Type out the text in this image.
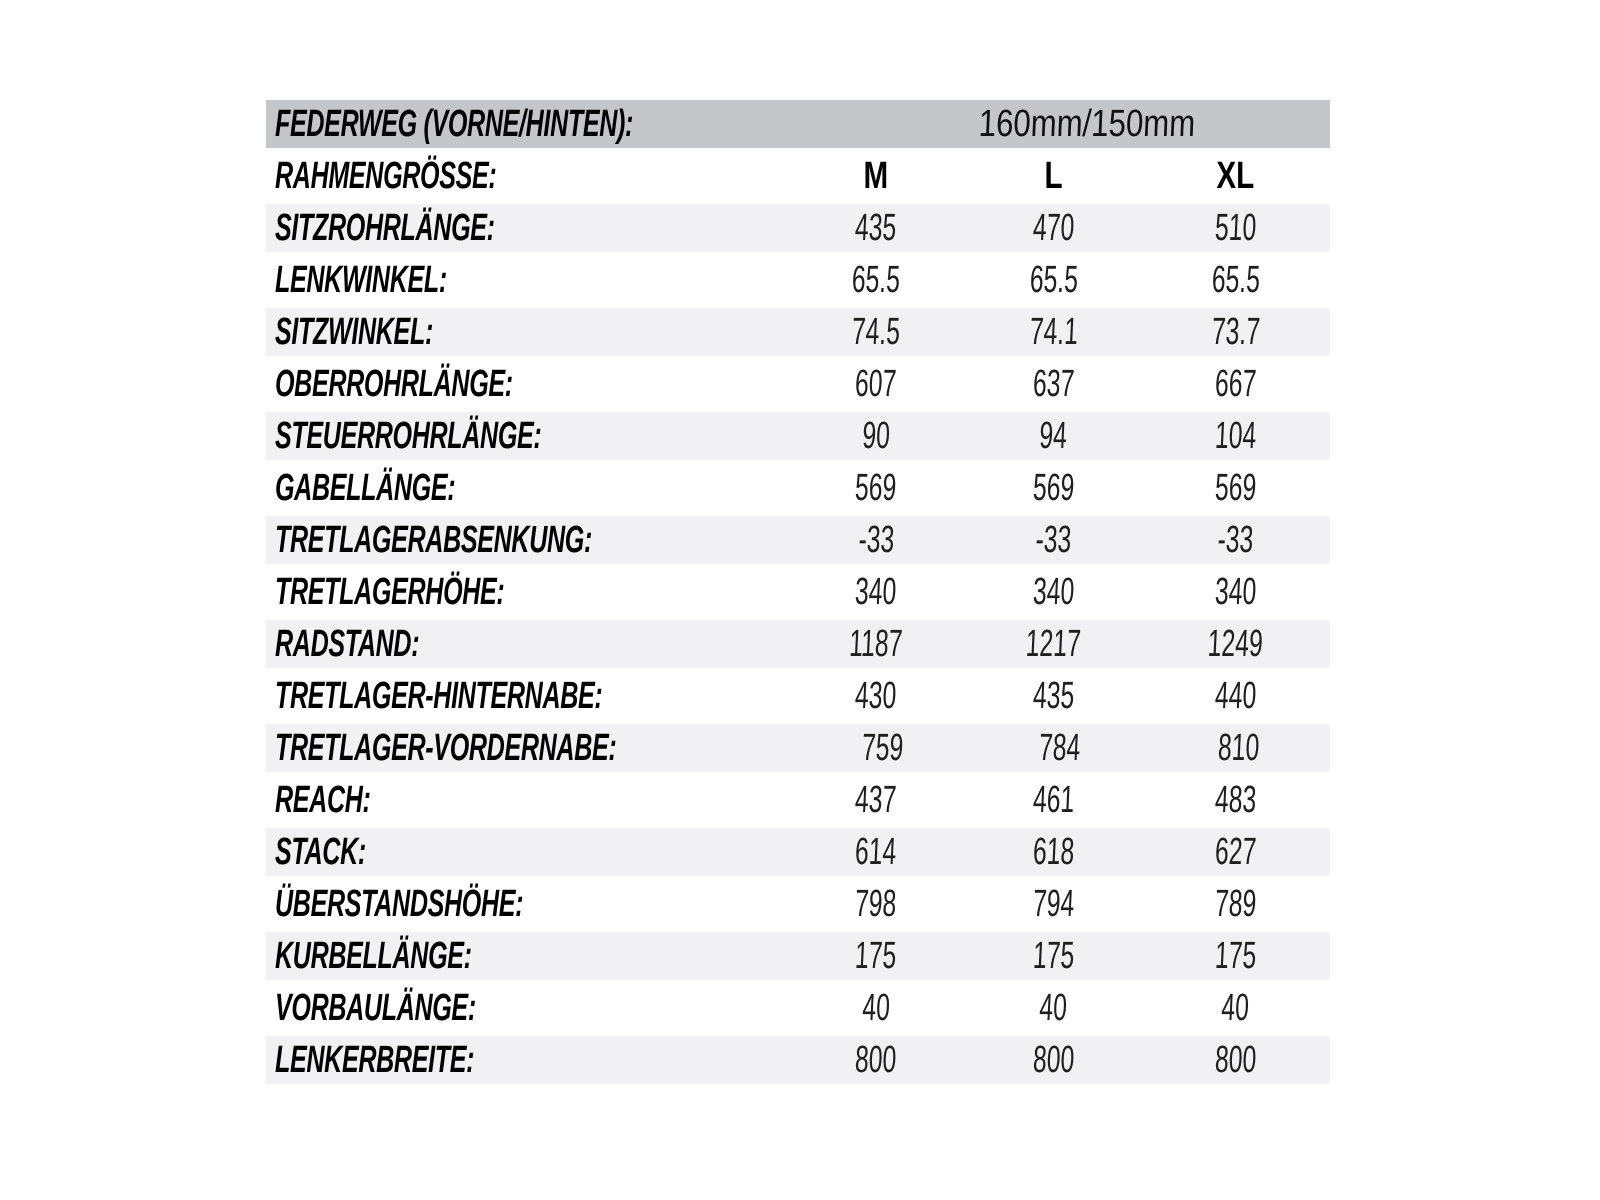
FEDERWEG (VORNE/HINTEN):	160mm/150mm
RAHMENGRÖSSE:	M	L	XL
SITZROHRLÄNGE:	435	470	510
LENKWINKEL:	65.5	65.5	65.5
SITZWINKEL:	74.5	74.1	73.7
OBERROHRLÄNGE:	607	637	667
STEUERROHRLÄNGE:	90	94	104
GABELLÄNGE:	569	569	569
TRETLAGERABSENKUNG:	-33	-33	-33
TRETLAGERHÖHE:	340	340	340
RADSTAND:	1187	1217	1249
TRETLAGER-HINTERNABE:	430	435	440
TRETLAGER-VORDERNABE:	759	784	810
REACH:	437	461	483
STACK:	614	618	627
ÜBERSTANDSHÖHE:	798	794	789
KURBELLÄNGE:	175	175	175
VORBAULÄNGE:	40	40	40
LENKERBREITE:	800	800	800
